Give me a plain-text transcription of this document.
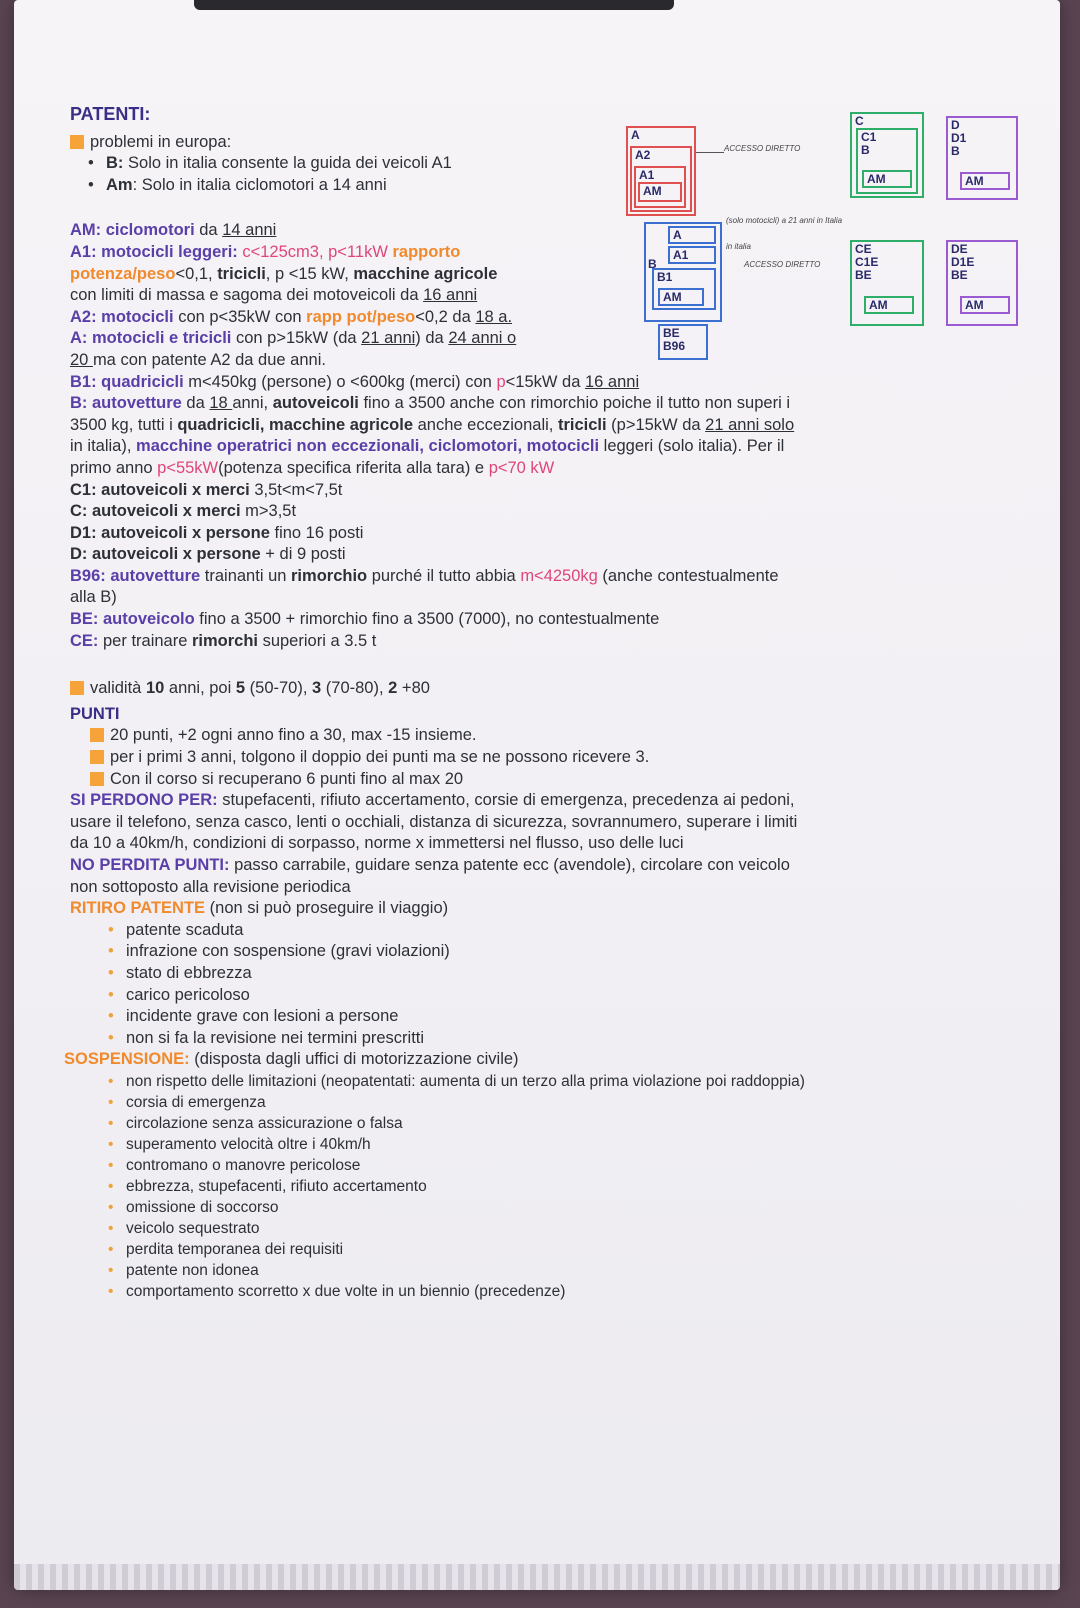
A
A2
A1
AM
ACCESSO DIRETTO
B
A
A1
B1
AM
BE
B96
(solo motocicli) a 21 anni in Italia
in italia
ACCESSO DIRETTO
C
C1
B
AM
CE
C1E
BE
AM
D
D1
B
AM
DE
D1E
BE
AM
PATENTI:
problemi in europa:
• B: Solo in italia consente la guida dei veicoli A1
• Am: Solo in italia ciclomotori a 14 anni
AM: ciclomotori da 14 anni
A1: motocicli leggeri: c<125cm3, p<11kW rapporto
potenza/peso<0,1, tricicli, p <15 kW, macchine agricole
con limiti di massa e sagoma dei motoveicoli da 16 anni
A2: motocicli con p<35kW con rapp pot/peso<0,2 da 18 a.
A: motocicli e tricicli con p>15kW (da 21 anni) da 24 anni o
20 ma con patente A2 da due anni.
B1: quadricicli m<450kg (persone) o <600kg (merci) con p<15kW da 16 anni
B: autovetture da 18 anni, autoveicoli fino a 3500 anche con rimorchio poiche il tutto non superi i
3500 kg, tutti i quadricicli, macchine agricole anche eccezionali, tricicli (p>15kW da 21 anni solo
in italia), macchine operatrici non eccezionali, ciclomotori, motocicli leggeri (solo italia). Per il
primo anno p<55kW(potenza specifica riferita alla tara) e p<70 kW
C1: autoveicoli x merci 3,5t<m<7,5t
C: autoveicoli x merci m>3,5t
D1: autoveicoli x persone fino 16 posti
D: autoveicoli x persone + di 9 posti
B96: autovetture trainanti un rimorchio purché il tutto abbia m<4250kg (anche contestualmente
alla B)
BE: autoveicolo fino a 3500 + rimorchio fino a 3500 (7000), no contestualmente
CE: per trainare rimorchi superiori a 3.5 t
validità 10 anni, poi 5 (50-70), 3 (70-80), 2 +80
PUNTI
20 punti, +2 ogni anno fino a 30, max -15 insieme.
per i primi 3 anni, tolgono il doppio dei punti ma se ne possono ricevere 3.
Con il corso si recuperano 6 punti fino al max 20
SI PERDONO PER: stupefacenti, rifiuto accertamento, corsie di emergenza, precedenza ai pedoni,
usare il telefono, senza casco, lenti o occhiali, distanza di sicurezza, sovrannumero, superare i limiti
da 10 a 40km/h, condizioni di sorpasso, norme x immettersi nel flusso, uso delle luci
NO PERDITA PUNTI: passo carrabile, guidare senza patente ecc (avendole), circolare con veicolo
non sottoposto alla revisione periodica
RITIRO PATENTE (non si può proseguire il viaggio)
• patente scaduta
• infrazione con sospensione (gravi violazioni)
• stato di ebbrezza
• carico pericoloso
• incidente grave con lesioni a persone
• non si fa la revisione nei termini prescritti
SOSPENSIONE: (disposta dagli uffici di motorizzazione civile)
• non rispetto delle limitazioni (neopatentati: aumenta di un terzo alla prima violazione poi raddoppia)
• corsia di emergenza
• circolazione senza assicurazione o falsa
• superamento velocità oltre i 40km/h
• contromano o manovre pericolose
• ebbrezza, stupefacenti, rifiuto accertamento
• omissione di soccorso
• veicolo sequestrato
• perdita temporanea dei requisiti
• patente non idonea
• comportamento scorretto x due volte in un biennio (precedenze)
